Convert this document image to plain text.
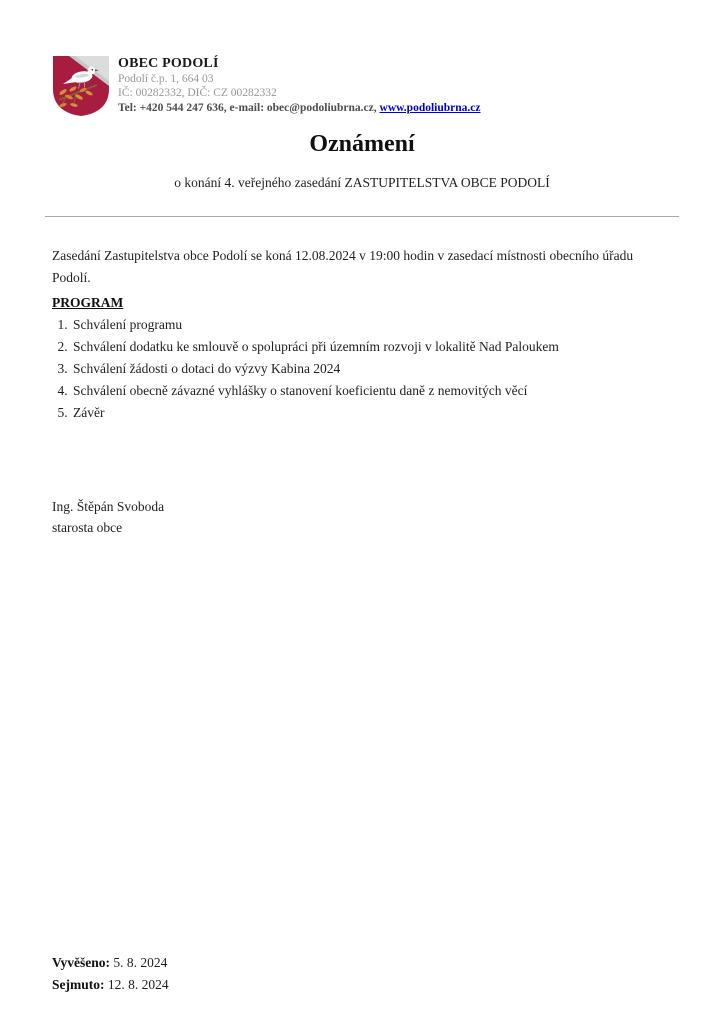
OBEC PODOLÍ
Podolí č.p. 1, 664 03
IČ: 00282332, DIČ: CZ 00282332
Tel: +420 544 247 636, e-mail: obec@podoliubrna.cz, www.podoliubrna.cz
Oznámení
o konání 4. veřejného zasedání ZASTUPITELSTVA OBCE PODOLÍ

Zasedání Zastupitelstva obce Podolí se koná 12.08.2024 v 19:00 hodin v zasedací místnosti obecního úřadu Podolí.

PROGRAM
1. Schválení programu
2. Schválení dodatku ke smlouvě o spolupráci při územním rozvoji v lokalitě Nad Paloukem
3. Schválení žádosti o dotaci do výzvy Kabina 2024
4. Schválení obecně závazné vyhlášky o stanovení koeficientu daně z nemovitých věcí
5. Závěr
Ing. Štěpán Svoboda
starosta obce
Vyvěšeno: 5. 8. 2024
Sejmuto: 12. 8. 2024
